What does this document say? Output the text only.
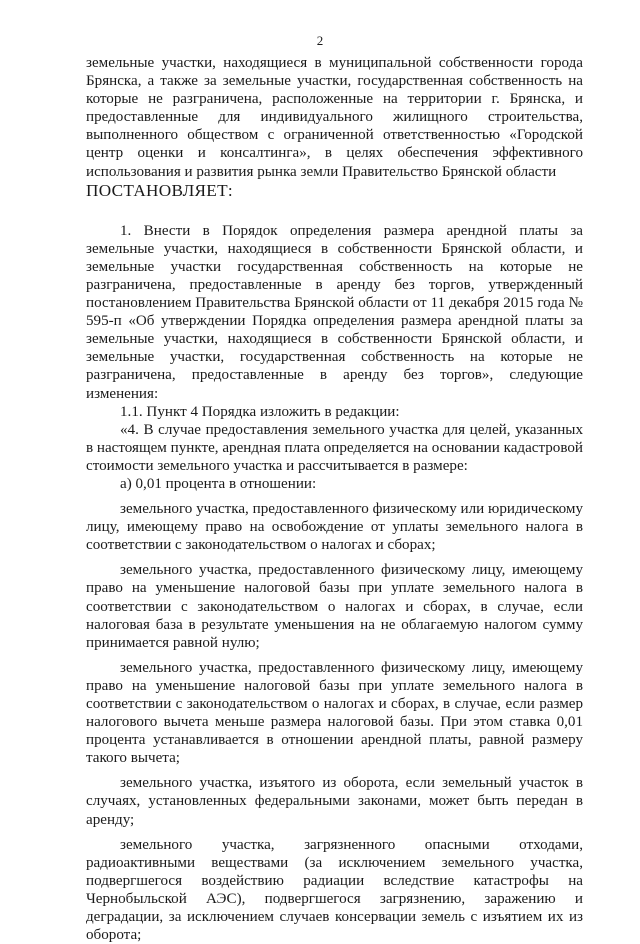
2

земельные участки, находящиеся в муниципальной собственности города Брянска, а также за земельные участки, государственная собственность на которые не разграничена, расположенные на территории г. Брянска, и предоставленные для индивидуального жилищного строительства, выполненного обществом с ограниченной ответственностью «Городской центр оценки и консалтинга», в целях обеспечения эффективного использования и развития рынка земли Правительство Брянской области

ПОСТАНОВЛЯЕТ:

1. Внести в Порядок определения размера арендной платы за земельные участки, находящиеся в собственности Брянской области, и земельные участки государственная собственность на которые не разграничена, предоставленные в аренду без торгов, утвержденный постановлением Правительства Брянской области от 11 декабря 2015 года № 595-п «Об утверждении Порядка определения размера арендной платы за земельные участки, находящиеся в собственности Брянской области, и земельные участки, государственная собственность на которые не разграничена, предоставленные в аренду без торгов», следующие изменения:

1.1. Пункт 4 Порядка изложить в редакции:

«4. В случае предоставления земельного участка для целей, указанных в настоящем пункте, арендная плата определяется на основании кадастровой стоимости земельного участка и рассчитывается в размере:

а) 0,01 процента в отношении:

земельного участка, предоставленного физическому или юридическому лицу, имеющему право на освобождение от уплаты земельного налога в соответствии с законодательством о налогах и сборах;

земельного участка, предоставленного физическому лицу, имеющему право на уменьшение налоговой базы при уплате земельного налога в соответствии с законодательством о налогах и сборах, в случае, если налоговая база в результате уменьшения на не облагаемую налогом сумму принимается равной нулю;

земельного участка, предоставленного физическому лицу, имеющему право на уменьшение налоговой базы при уплате земельного налога в соответствии с законодательством о налогах и сборах, в случае, если размер налогового вычета меньше размера налоговой базы. При этом ставка 0,01 процента устанавливается в отношении арендной платы, равной размеру такого вычета;

земельного участка, изъятого из оборота, если земельный участок в случаях, установленных федеральными законами, может быть передан в аренду;

земельного участка, загрязненного опасными отходами, радиоактивными веществами (за исключением земельного участка, подвергшегося воздействию радиации вследствие катастрофы на Чернобыльской АЭС), подвергшегося загрязнению, заражению и деградации, за исключением случаев консервации земель с изъятием их из оборота;
